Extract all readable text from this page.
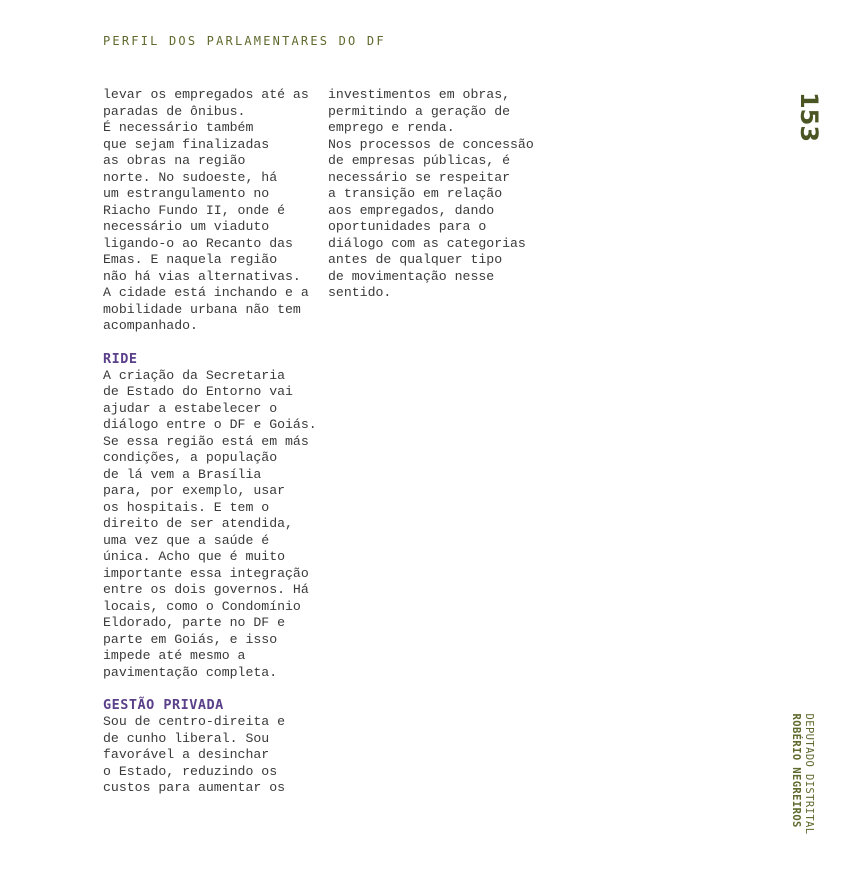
PERFIL DOS PARLAMENTARES DO DF
153

levar os empregados até as
paradas de ônibus.
É necessário também
que sejam finalizadas
as obras na região
norte. No sudoeste, há
um estrangulamento no
Riacho Fundo II, onde é
necessário um viaduto
ligando-o ao Recanto das
Emas. E naquela região
não há vias alternativas.
A cidade está inchando e a
mobilidade urbana não tem
acompanhado.

RIDE

A criação da Secretaria
de Estado do Entorno vai
ajudar a estabelecer o
diálogo entre o DF e Goiás.
Se essa região está em más
condições, a população
de lá vem a Brasília
para, por exemplo, usar
os hospitais. E tem o
direito de ser atendida,
uma vez que a saúde é
única. Acho que é muito
importante essa integração
entre os dois governos. Há
locais, como o Condomínio
Eldorado, parte no DF e
parte em Goiás, e isso
impede até mesmo a
pavimentação completa.

GESTÃO PRIVADA

Sou de centro-direita e
de cunho liberal. Sou
favorável a desinchar
o Estado, reduzindo os
custos para aumentar os

investimentos em obras,
permitindo a geração de
emprego e renda.
Nos processos de concessão
de empresas públicas, é
necessário se respeitar
a transição em relação
aos empregados, dando
oportunidades para o
diálogo com as categorias
antes de qualquer tipo
de movimentação nesse
sentido.

DEPUTADO DISTRITAL
ROBÉRIO NEGREIROS
